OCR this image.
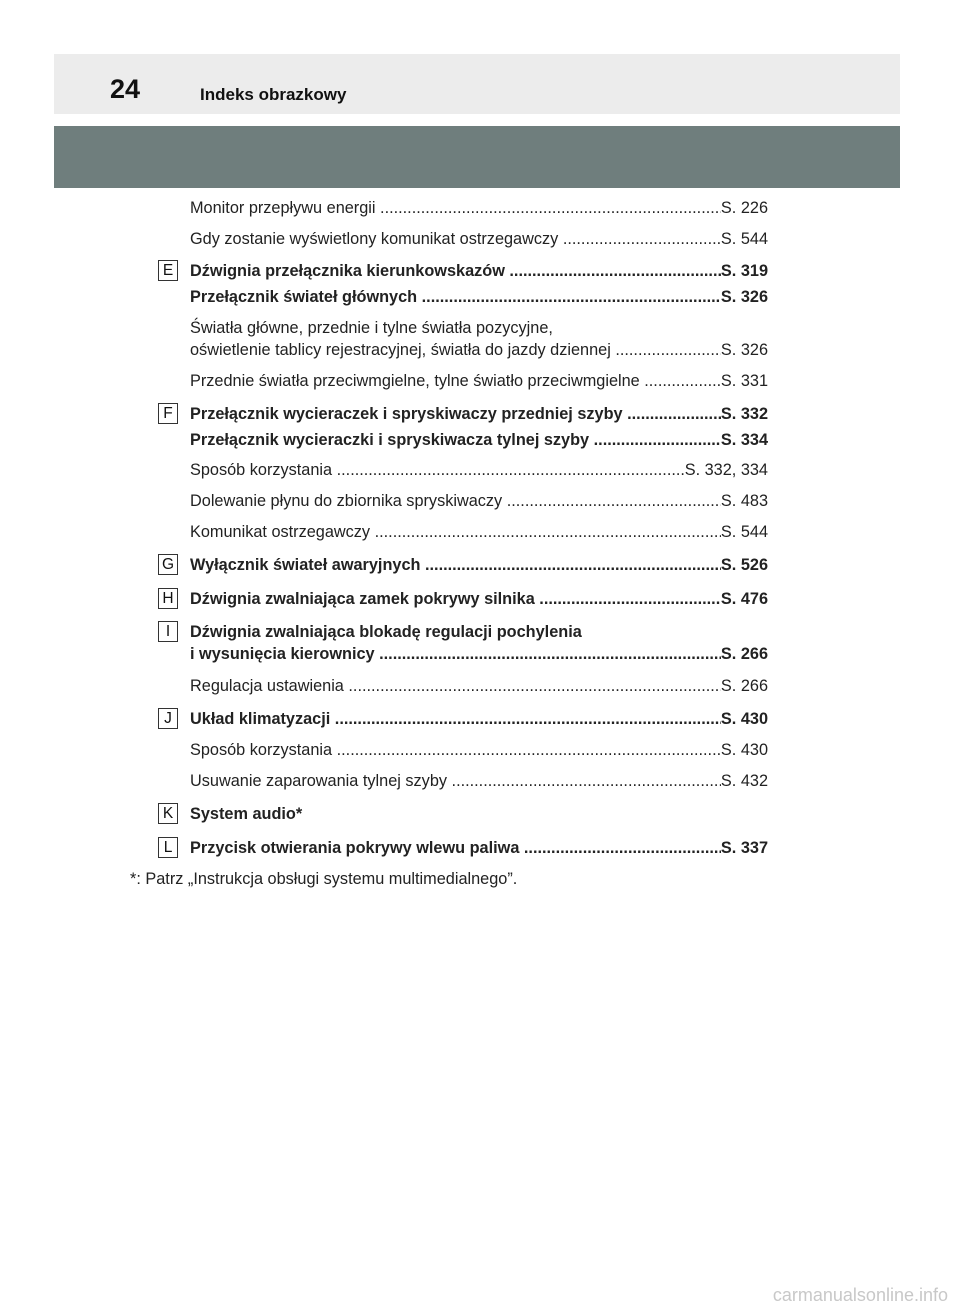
24	Indeks obrazkowy
Monitor przepływu energii .....	S. 226
Gdy zostanie wyświetlony komunikat ostrzegawczy .....	S. 544
E Dźwignia przełącznika kierunkowskazów .....	S. 319
Przełącznik świateł głównych .....	S. 326
Światła główne, przednie i tylne światła pozycyjne,
oświetlenie tablicy rejestracyjnej, światła do jazdy dziennej .....	S. 326
Przednie światła przeciwmgielne, tylne światło przeciwmgielne .....	S. 331
F	Przełącznik wycieraczek i spryskiwaczy przedniej szyby .....	S. 332
Przełącznik wycieraczki i spryskiwacza tylnej szyby .....	S. 334
Sposób korzystania .....	S. 332, 334
Dolewanie płynu do zbiornika spryskiwaczy .....	S. 483
Komunikat ostrzegawczy .....	S. 544
G Wyłącznik świateł awaryjnych .....	S. 526
H Dźwignia zwalniająca zamek pokrywy silnika .....	S. 476
I	Dźwignia zwalniająca blokadę regulacji pochylenia
i wysunięcia kierownicy .....	S. 266
Regulacja ustawienia .....	S. 266
J	Układ klimatyzacji .....	S. 430
Sposób korzystania .....	S. 430
Usuwanie zaparowania tylnej szyby .....	S. 432
K System audio*
L	Przycisk otwierania pokrywy wlewu paliwa .....	S. 337
*: Patrz „Instrukcja obsługi systemu multimedialnego”.
carmanualsonline.info
